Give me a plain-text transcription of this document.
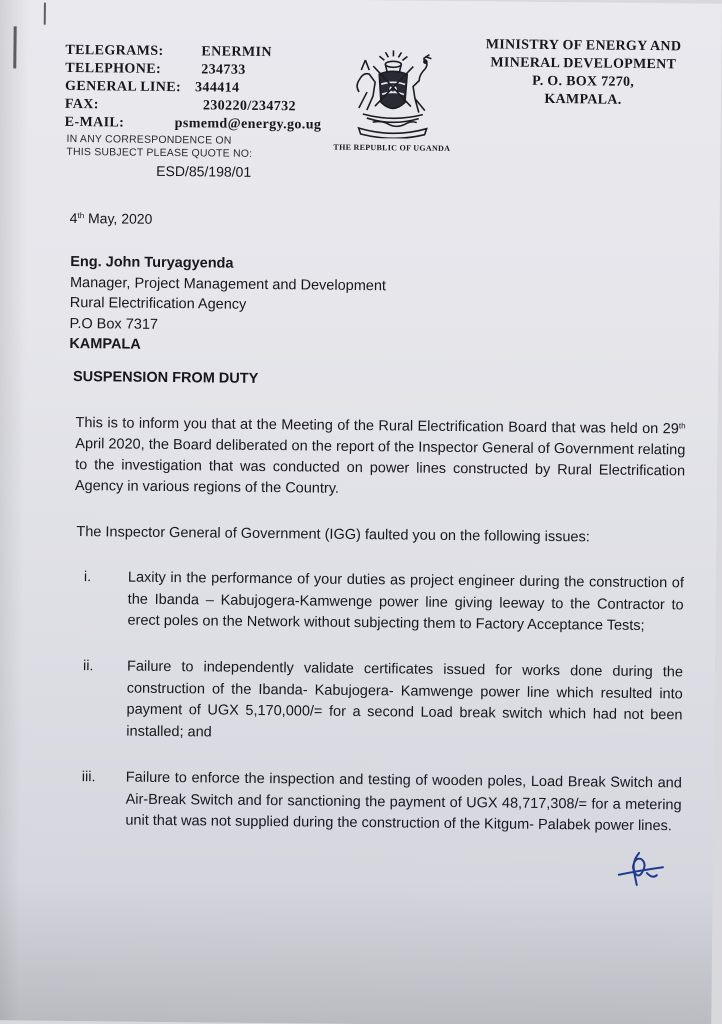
TELEGRAMS:	ENERMIN
TELEPHONE:	234733
GENERAL LINE: 344414
FAX:	230220/234732
E-MAIL:	psmemd@energy.go.ug
IN ANY CORRESPONDENCE ON
THIS SUBJECT PLEASE QUOTE NO:
ESD/85/198/01
THE REPUBLIC OF UGANDA
MINISTRY OF ENERGY AND
MINERAL DEVELOPMENT
P. O. BOX 7270,
KAMPALA.
4th May, 2020
Eng. John Turyagyenda
Manager, Project Management and Development
Rural Electrification Agency
P.O Box 7317
KAMPALA
SUSPENSION FROM DUTY
This is to inform you that at the Meeting of the Rural Electrification Board that was held on 29th April 2020, the Board deliberated on the report of the Inspector General of Government relating to the investigation that was conducted on power lines constructed by Rural Electrification Agency in various regions of the Country.
The Inspector General of Government (IGG) faulted you on the following issues:
i.	Laxity in the performance of your duties as project engineer during the construction of the Ibanda – Kabujogera-Kamwenge power line giving leeway to the Contractor to erect poles on the Network without subjecting them to Factory Acceptance Tests;
ii. Failure to independently validate certificates issued for works done during the construction of the Ibanda- Kabujogera- Kamwenge power line which resulted into payment of UGX 5,170,000/= for a second Load break switch which had not been installed; and
iii. Failure to enforce the inspection and testing of wooden poles, Load Break Switch and Air-Break Switch and for sanctioning the payment of UGX 48,717,308/= for a metering unit that was not supplied during the construction of the Kitgum- Palabek power lines.
